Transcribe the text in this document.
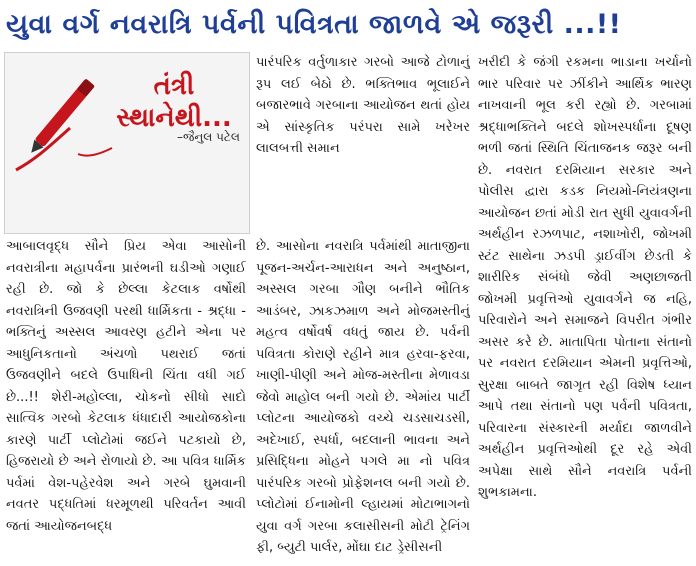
યુવા વર્ગ નવરાત્રિ પર્વની પવિત્રતા જાળવે એ જરૂરી ...!!
તંત્રી
સ્થાનેથી...
–જૈનુલ પટેલ

પારંપરિક વર્તુળાકાર ગરબો આજે ટોળાનું રૂપ લઈ બેઠો છે. ભક્તિભાવ ભૂલાઈને બજારભાવે ગરબાના આયોજન થતાં હોય એ સાંસ્કૃતિક પરંપરા સામે ખરેખર લાલબત્તી સમાન

આબાલવૃદ્ધ સૌને પ્રિય એવા આસોની નવરાત્રીના મહાપર્વના પ્રારંભની ઘડીઓ ગણાઈ રહી છે. જો કે છેલ્લા કેટલાક વર્ષોથી નવરાત્રિની ઉજવણી પરથી ધાર્મિકતા - શ્રદ્ધા - ભક્તિનું અસ્સલ આવરણ હટીને એના પર આધુનિકતાનો અંચળો પથરાઈ જતાં ઉજવણીને બદલે ઉપાધિની ચિંતા વધી ગઈ છે...!! શેરી-મહોલ્લા, ચોકનો સીધો સાદો સાત્વિક ગરબો કેટલાક ધંધાદારી આયોજકોના કારણે પાર્ટી પ્લોટોમાં જઈને પટકાયો છે, હિજરાયો છે અને રોળાયો છે. આ પવિત્ર ધાર્મિક પર્વમાં વેશ-પહેરવેશ અને ગરબે ઘુમવાની નવતર પદ્ધતિમાં ધરમૂળથી પરિવર્તન આવી જતાં આયોજનબદ્ધ

છે. આસોના નવરાત્રિ પર્વમાંથી માતાજીના પૂજન-અર્ચન-આરાધન અને અનુષ્ઠાન, અસ્સલ ગરબા ગૌણ બનીને ભૌતિક આડંબર, ઝાકઝમાળ અને મોજમસ્તીનું મહત્વ વર્ષોવર્ષ વધતું જાય છે. પર્વની પવિત્રતા કોરાણે રહીને માત્ર હરવા-ફરવા, ખાણી-પીણી અને મોજ-મસ્તીના મેળાવડા જેવો માહોલ બની ગયો છે. એમાંય પાર્ટી પ્લોટના આયોજકો વચ્ચે ચડસાચડસી, અદેખાઈ, સ્પર્ધા, બદલાની ભાવના અને પ્રસિદ્ધિના મોહને પગલે મા નો પવિત્ર પારંપરિક ગરબો પ્રોફેશનલ બની ગયો છે. પ્લોટોમાં ઈનામોની લ્હાયમાં મોટાભાગનો યુવા વર્ગ ગરબા કલાસીસની મોટી ટ્રેનિંગ ફી, બ્યુટી પાર્લર, મોંઘા દાટ ડ્રેસીસની

ખરીદી કે જંગી રકમના ભાડાના ખર્ચાનો ભાર પરિવાર પર ઝીંકીને આર્થિક ભારણ નાખવાની ભૂલ કરી રહ્યો છે. ગરબામાં શ્રદ્ધાભક્તિને બદલે શોખસ્પર્ધાના દૂષણ ભળી જતાં સ્થિતિ ચિંતાજનક જરૂર બની છે. નવરાત દરમિયાન સરકાર અને પોલીસ દ્વારા કડક નિયમો-નિયંત્રણના આયોજન છતાં મોડી રાત સુધી યુવાવર્ગની અર્થહીન રઝળપાટ, નશાખોરી, જોખમી સ્ટંટ સાથેના ઝડપી ડ્રાઈવીંગ છેડતી કે શારીરિક સંબંધો જેવી અણછાજતી જોખમી પ્રવૃત્તિઓ યુવાવર્ગને જ નહિ, પરિવારોને અને સમાજને વિપરીત ગંભીર અસર કરે છે. માતાપિતા પોતાના સંતાનો પર નવરાત દરમિયાન એમની પ્રવૃત્તિઓ, સુરક્ષા બાબતે જાગૃત રહી વિશેષ ધ્યાન આપે તથા સંતાનો પણ પર્વની પવિત્રતા, પરિવારના સંસ્કારની મર્યાદા જાળવીને અર્થહીન પ્રવૃત્તિઓથી દૂર રહે એવી અપેક્ષા સાથે સૌને નવરાત્રિ પર્વની શુભકામના.
